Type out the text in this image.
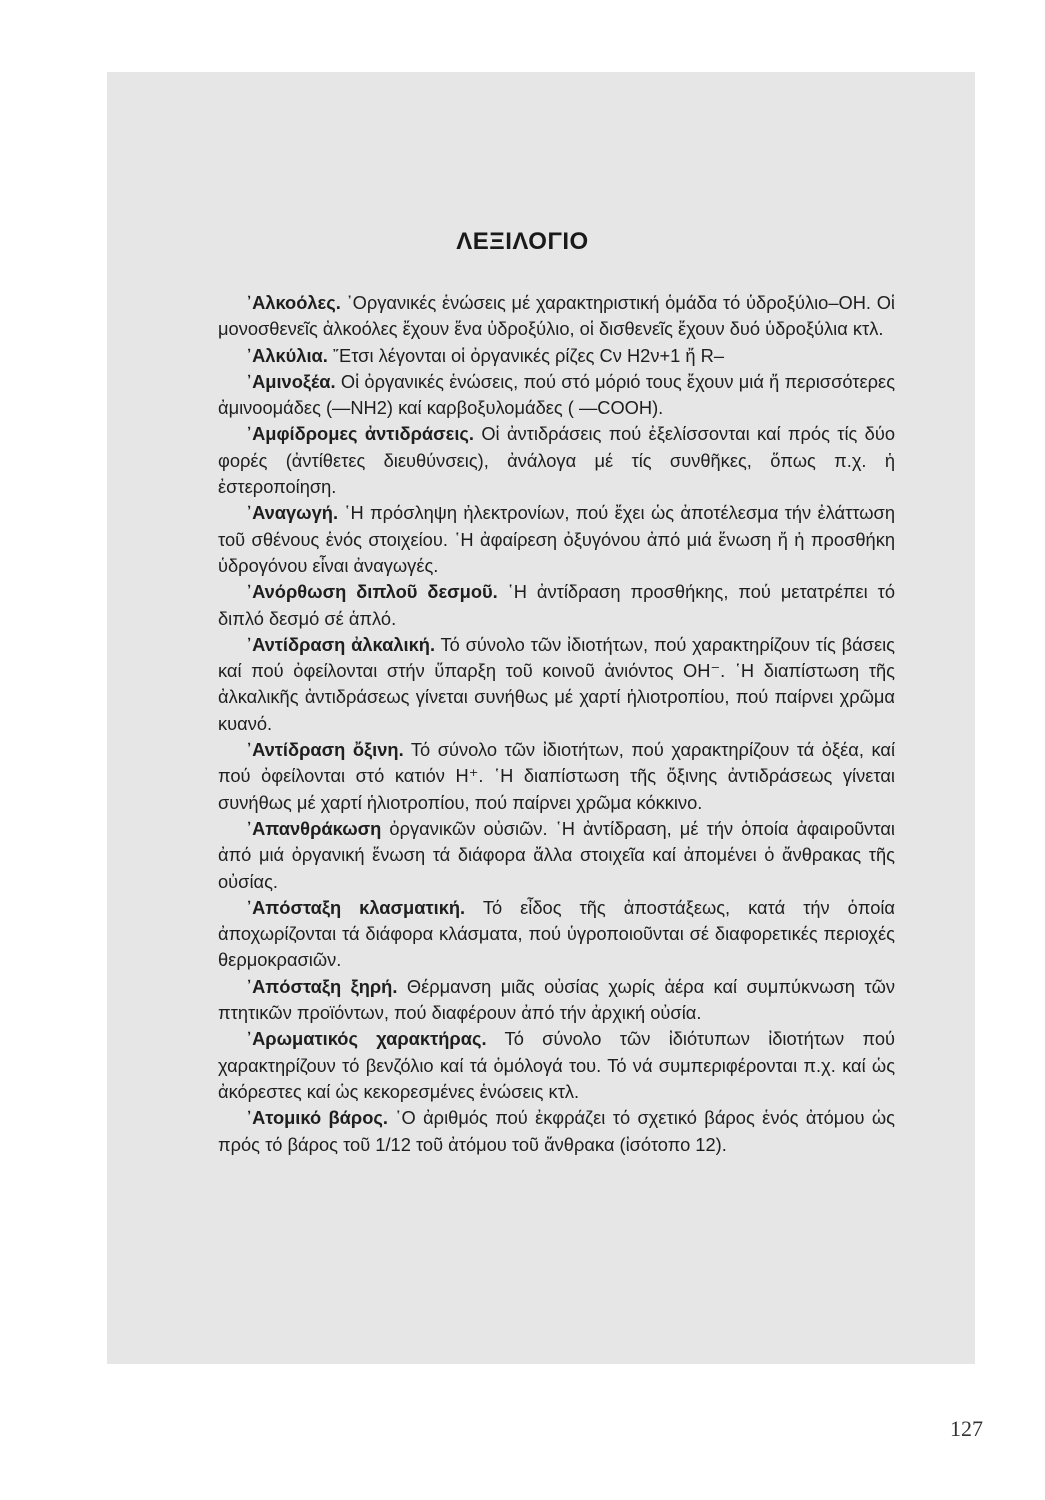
ΛΕΞΙΛΟΓΙΟ

᾽Αλκοόλες. ᾽Οργανικές ἑνώσεις μέ χαρακτηριστική ὁμάδα τό ὑδροξύλιο–ΟΗ. Οἱ μονοσθενεῖς ἀλκοόλες ἔχουν ἕνα ὑδροξύλιο, οἱ δισθενεῖς ἔχουν δυό ὑδροξύλια κτλ.

᾽Αλκύλια. ῎Ετσι λέγονται οἱ ὀργανικές ρίζες Cν H2ν+1 ἤ R–

᾽Αμινοξέα. Οἱ ὀργανικές ἑνώσεις, πού στό μόριό τους ἔχουν μιά ἤ περισσότερες ἀμινοομάδες (—NH2) καί καρβοξυλομάδες ( —COOH).

᾽Αμφίδρομες ἀντιδράσεις. Οἱ ἀντιδράσεις πού ἐξελίσσονται καί πρός τίς δύο φορές (ἀντίθετες διευθύνσεις), ἀνάλογα μέ τίς συνθῆκες, ὅπως π.χ. ἡ ἐστεροποίηση.

᾽Αναγωγή. ῾Η πρόσληψη ἠλεκτρονίων, πού ἔχει ὡς ἀποτέλεσμα τήν ἐλάττωση τοῦ σθένους ἑνός στοιχείου. ῾Η ἀφαίρεση ὀξυγόνου ἀπό μιά ἕνωση ἤ ἡ προσθήκη ὑδρογόνου εἶναι ἀναγωγές.

᾽Ανόρθωση διπλοῦ δεσμοῦ. ῾Η ἀντίδραση προσθήκης, πού μετατρέπει τό διπλό δεσμό σέ ἁπλό.

᾽Αντίδραση ἀλκαλική. Τό σύνολο τῶν ἰδιοτήτων, πού χαρακτηρίζουν τίς βάσεις καί πού ὀφείλονται στήν ὕπαρξη τοῦ κοινοῦ ἀνιόντος OH⁻. ῾Η διαπίστωση τῆς ἀλκαλικῆς ἀντιδράσεως γίνεται συνήθως μέ χαρτί ἡλιοτροπίου, πού παίρνει χρῶμα κυανό.

᾽Αντίδραση ὄξινη. Τό σύνολο τῶν ἰδιοτήτων, πού χαρακτηρίζουν τά ὀξέα, καί πού ὀφείλονται στό κατιόν H⁺. ῾Η διαπίστωση τῆς ὄξινης ἀντιδράσεως γίνεται συνήθως μέ χαρτί ἡλιοτροπίου, πού παίρνει χρῶμα κόκκινο.

᾽Απανθράκωση ὀργανικῶν οὐσιῶν. ῾Η ἀντίδραση, μέ τήν ὁποία ἀφαιροῦνται ἀπό μιά ὀργανική ἕνωση τά διάφορα ἄλλα στοιχεῖα καί ἀπομένει ὁ ἄνθρακας τῆς οὐσίας.

᾽Απόσταξη κλασματική. Τό εἶδος τῆς ἀποστάξεως, κατά τήν ὁποία ἀποχωρίζονται τά διάφορα κλάσματα, πού ὑγροποιοῦνται σέ διαφορετικές περιοχές θερμοκρασιῶν.

᾽Απόσταξη ξηρή. Θέρμανση μιᾶς οὐσίας χωρίς ἀέρα καί συμπύκνωση τῶν πτητικῶν προϊόντων, πού διαφέρουν ἀπό τήν ἀρχική οὐσία.

᾽Αρωματικός χαρακτήρας. Τό σύνολο τῶν ἰδιότυπων ἰδιοτήτων πού χαρακτηρίζουν τό βενζόλιο καί τά ὁμόλογά του. Τό νά συμπεριφέρονται π.χ. καί ὡς ἀκόρεστες καί ὡς κεκορεσμένες ἑνώσεις κτλ.

᾽Ατομικό βάρος. ῾Ο ἀριθμός πού ἐκφράζει τό σχετικό βάρος ἑνός ἀτόμου ὡς πρός τό βάρος τοῦ 1/12 τοῦ ἀτόμου τοῦ ἄνθρακα (ἰσότοπο 12).

127
